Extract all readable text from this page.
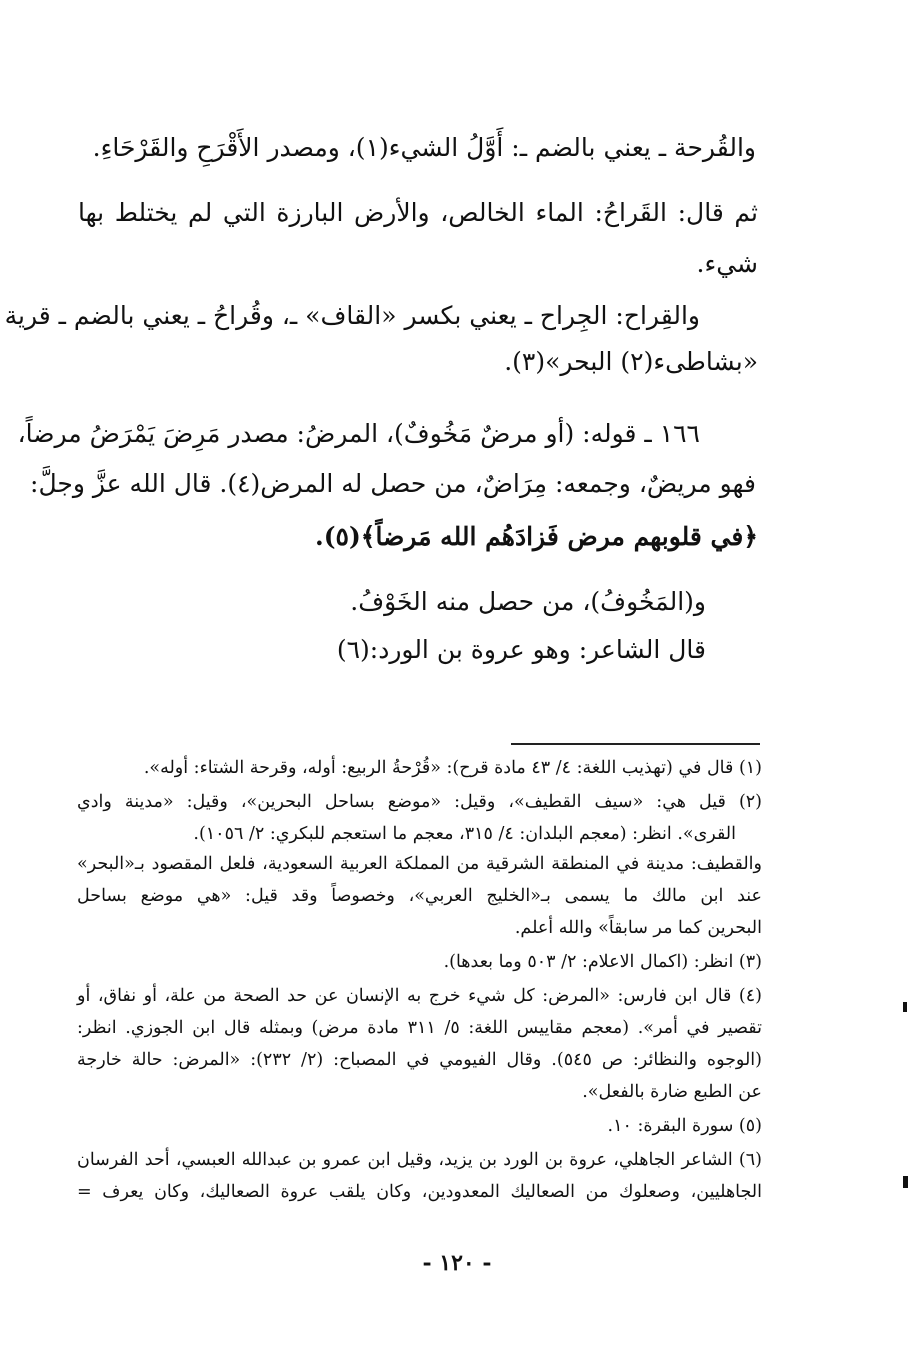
والقُرحة ـ يعني بالضم ـ: أَوَّلُ الشيء(١)، ومصدر الأَقْرَحِ والقَرْحَاءِ.
ثم قال: القَراحُ: الماء الخالص، والأرض البارزة التي لم يختلط بها
شيء.
والقِراح: الجِراح ـ يعني بكسر «القاف» ـ، وقُراحُ ـ يعني بالضم ـ قرية
«بشاطىء(٢) البحر»(٣).
١٦٦ ـ قوله: (أو مرضٌ مَخُوفٌ)، المرضُ: مصدر مَرِضَ يَمْرَضُ مرضاً،
فهو مريضٌ، وجمعه: مِرَاضٌ، من حصل له المرض(٤). قال الله عزَّ وجلَّ:
﴿في قلوبهم مرض فَزادَهُم الله مَرضاً﴾(٥).
و(المَخُوفُ)، من حصل منه الخَوْفُ.
قال الشاعر: وهو عروة بن الورد:(٦)
(١) قال في (تهذيب اللغة: ٤/ ٤٣ مادة قرح): «قُرْحةُ الربيع: أوله، وقرحة الشتاء: أوله».
(٢) قيل هي: «سيف القطيف»، وقيل: «موضع بساحل البحرين»، وقيل: «مدينة وادي
القرى». انظر: (معجم البلدان: ٤/ ٣١٥، معجم ما استعجم للبكري: ٢/ ١٠٥٦).
والقطيف: مدينة في المنطقة الشرقية من المملكة العربية السعودية، فلعل المقصود بـ«البحر»
عند ابن مالك ما يسمى بـ«الخليج العربي»، وخصوصاً وقد قيل: «هي موضع بساحل
البحرين كما مر سابقاً» والله أعلم.
(٣) انظر: (اكمال الاعلام: ٢/ ٥٠٣ وما بعدها).
(٤) قال ابن فارس: «المرض: كل شيء خرج به الإنسان عن حد الصحة من علة، أو نفاق، أو
تقصير في أمر». (معجم مقاييس اللغة: ٥/ ٣١١ مادة مرض) وبمثله قال ابن الجوزي. انظر:
(الوجوه والنظائر: ص ٥٤٥). وقال الفيومي في المصباح: (٢/ ٢٣٢): «المرض: حالة خارجة
عن الطبع ضارة بالفعل».
(٥) سورة البقرة: ١٠.
(٦) الشاعر الجاهلي، عروة بن الورد بن يزيد، وقيل ابن عمرو بن عبدالله العبسي، أحد الفرسان
الجاهليين، وصعلوك من الصعاليك المعدودين، وكان يلقب عروة الصعاليك، وكان يعرف =
- ١٢٠ -
